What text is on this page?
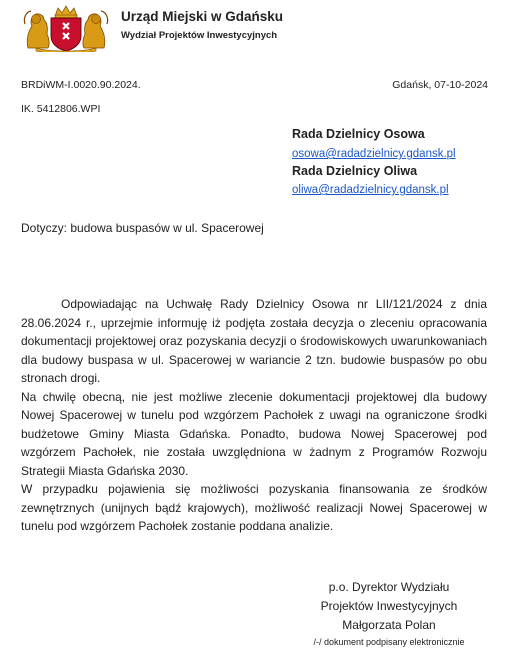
Urząd Miejski w Gdańsku
Wydział Projektów Inwestycyjnych
BRDiWM-I.0020.90.2024.
IK. 5412806.WPI
Gdańsk, 07-10-2024
Rada Dzielnicy Osowa
osowa@radadzielnicy.gdansk.pl
Rada Dzielnicy Oliwa
oliwa@radadzielnicy.gdansk.pl
Dotyczy: budowa buspasów w ul. Spacerowej

Odpowiadając na Uchwałę Rady Dzielnicy Osowa nr LII/121/2024 z dnia 28.06.2024 r., uprzejmie informuję iż podjęta została decyzja o zleceniu opracowania dokumentacji projektowej oraz pozyskania decyzji o środowiskowych uwarunkowaniach dla budowy buspasa w ul. Spacerowej w wariancie 2 tzn. budowie buspasów po obu stronach drogi.

Na chwilę obecną, nie jest możliwe zlecenie dokumentacji projektowej dla budowy Nowej Spacerowej w tunelu pod wzgórzem Pachołek z uwagi na ograniczone środki budżetowe Gminy Miasta Gdańska. Ponadto, budowa Nowej Spacerowej pod wzgórzem Pachołek, nie została uwzględniona w żadnym z Programów Rozwoju Strategii Miasta Gdańska 2030.

W przypadku pojawienia się możliwości pozyskania finansowania ze środków zewnętrznych (unijnych bądź krajowych), możliwość realizacji Nowej Spacerowej w tunelu pod wzgórzem Pachołek zostanie poddana analizie.

p.o. Dyrektor Wydziału
Projektów Inwestycyjnych
Małgorzata Polan
/-/ dokument podpisany elektronicznie
